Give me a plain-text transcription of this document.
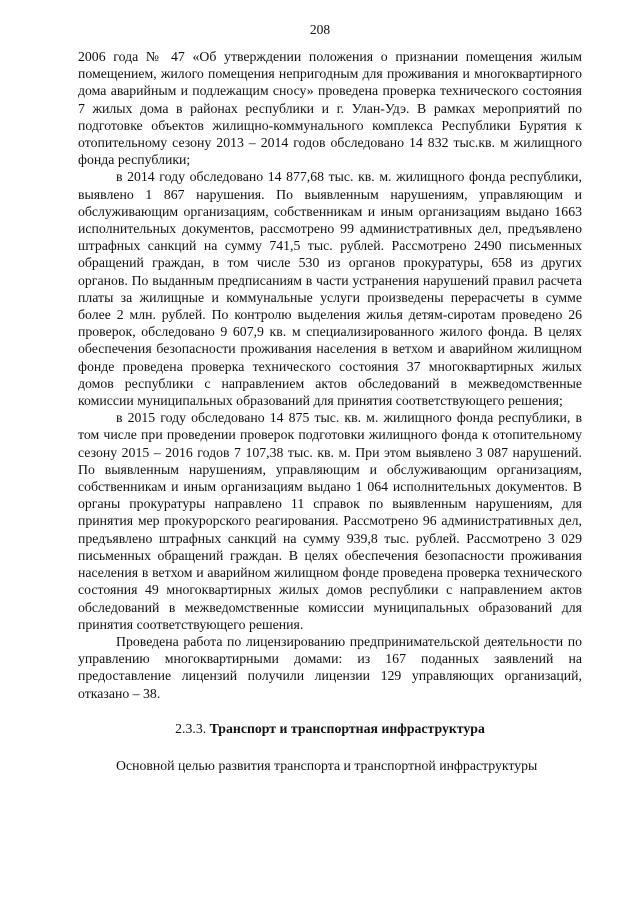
208

2006 года № 47 «Об утверждении положения о признании помещения жилым помещением, жилого помещения непригодным для проживания и многоквартирного дома аварийным и подлежащим сносу» проведена проверка технического состояния 7 жилых дома в районах республики и г. Улан-Удэ. В рамках мероприятий по подготовке объектов жилищно-коммунального комплекса Республики Бурятия к отопительному сезону 2013 – 2014 годов обследовано 14 832 тыс.кв. м жилищного фонда республики;

в 2014 году обследовано 14 877,68 тыс. кв. м. жилищного фонда республики, выявлено 1 867 нарушения. По выявленным нарушениям, управляющим и обслуживающим организациям, собственникам и иным организациям выдано 1663 исполнительных документов, рассмотрено 99 административных дел, предъявлено штрафных санкций на сумму 741,5 тыс. рублей. Рассмотрено 2490 письменных обращений граждан, в том числе 530 из органов прокуратуры, 658 из других органов. По выданным предписаниям в части устранения нарушений правил расчета платы за жилищные и коммунальные услуги произведены перерасчеты в сумме более 2 млн. рублей. По контролю выделения жилья детям-сиротам проведено 26 проверок, обследовано 9 607,9 кв. м специализированного жилого фонда. В целях обеспечения безопасности проживания населения в ветхом и аварийном жилищном фонде проведена проверка технического состояния 37 многоквартирных жилых домов республики с направлением актов обследований в межведомственные комиссии муниципальных образований для принятия соответствующего решения;

в 2015 году обследовано 14 875 тыс. кв. м. жилищного фонда республики, в том числе при проведении проверок подготовки жилищного фонда к отопительному сезону 2015 – 2016 годов 7 107,38 тыс. кв. м. При этом выявлено 3 087 нарушений. По выявленным нарушениям, управляющим и обслуживающим организациям, собственникам и иным организациям выдано 1 064 исполнительных документов. В органы прокуратуры направлено 11 справок по выявленным нарушениям, для принятия мер прокурорского реагирования. Рассмотрено 96 административных дел, предъявлено штрафных санкций на сумму 939,8 тыс. рублей. Рассмотрено 3 029 письменных обращений граждан. В целях обеспечения безопасности проживания населения в ветхом и аварийном жилищном фонде проведена проверка технического состояния 49 многоквартирных жилых домов республики с направлением актов обследований в межведомственные комиссии муниципальных образований для принятия соответствующего решения.

Проведена работа по лицензированию предпринимательской деятельности по управлению многоквартирными домами: из 167 поданных заявлений на предоставление лицензий получили лицензии 129 управляющих организаций, отказано – 38.

2.3.3. Транспорт и транспортная инфраструктура

Основной целью развития транспорта и транспортной инфраструктуры
